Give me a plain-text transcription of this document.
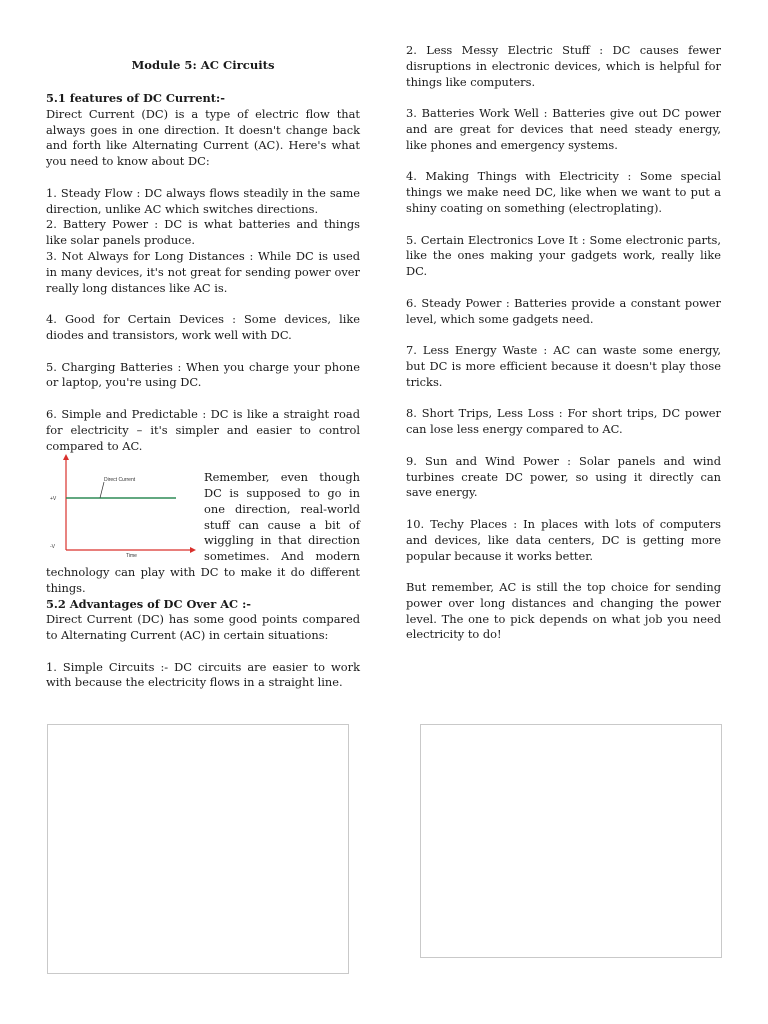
Module 5: AC Circuits

5.1 features of DC Current:-

Direct Current (DC) is a type of electric flow that always goes in one direction. It doesn't change back and forth like Alternating Current (AC). Here's what you need to know about DC:

1. Steady Flow : DC always flows steadily in the same direction, unlike AC which switches directions.

2. Battery Power : DC is what batteries and things like solar panels produce.

3. Not Always for Long Distances : While DC is used in many devices, it's not great for sending power over really long distances like AC is.

4. Good for Certain Devices : Some devices, like diodes and transistors, work well with DC.

5. Charging Batteries : When you charge your phone or laptop, you're using DC.

6. Simple and Predictable : DC is like a straight road for electricity – it's simpler and easier to control compared to AC.

Direct Current
+V
-V
Time

Remember, even though DC is supposed to go in one direction, real-world stuff can cause a bit of wiggling in that direction sometimes. And modern technology can play with DC to make it do different things.

5.2 Advantages of DC Over AC :-

Direct Current (DC) has some good points compared to Alternating Current (AC) in certain situations:

1. Simple Circuits :- DC circuits are easier to work with because the electricity flows in a straight line.

2. Less Messy Electric Stuff : DC causes fewer disruptions in electronic devices, which is helpful for things like computers.

3. Batteries Work Well : Batteries give out DC power and are great for devices that need steady energy, like phones and emergency systems.

4. Making Things with Electricity : Some special things we make need DC, like when we want to put a shiny coating on something (electroplating).

5. Certain Electronics Love It : Some electronic parts, like the ones making your gadgets work, really like DC.

6. Steady Power : Batteries provide a constant power level, which some gadgets need.

7. Less Energy Waste : AC can waste some energy, but DC is more efficient because it doesn't play those tricks.

8. Short Trips, Less Loss : For short trips, DC power can lose less energy compared to AC.

9. Sun and Wind Power : Solar panels and wind turbines create DC power, so using it directly can save energy.

10. Techy Places : In places with lots of computers and devices, like data centers, DC is getting more popular because it works better.

But remember, AC is still the top choice for sending power over long distances and changing the power level. The one to pick depends on what job you need electricity to do!
